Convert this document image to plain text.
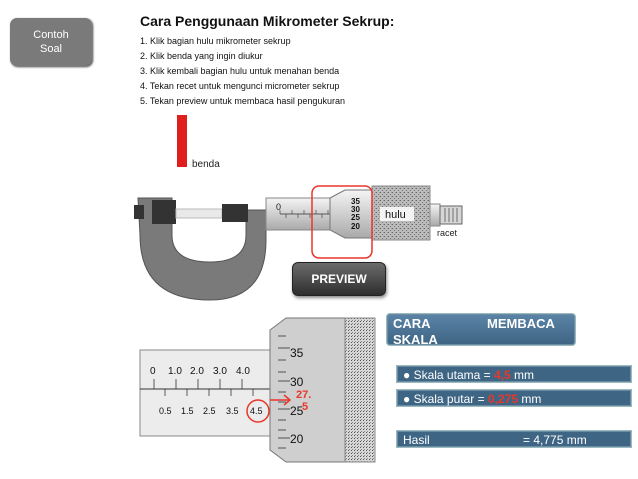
Contoh
Soal
Cara Penggunaan Mikrometer Sekrup:
1. Klik bagian hulu mikrometer sekrup
2. Klik benda yang ingin diukur
3. Klik kembali bagian hulu untuk menahan benda
4. Tekan recet untuk mengunci micrometer sekrup
5. Tekan preview untuk membaca hasil pengukuran
benda
0
35
30
25
20
hulu
racet
PREVIEW
0 1.0 2.0 3.0 4.0
0.5 1.5 2.5 3.5 4.5
35
30
25
20
27.
5
CARA	MEMBACA
SKALA
● Skala utama = 4,5 mm
● Skala putar = 0,275 mm
Hasil	= 4,775 mm
